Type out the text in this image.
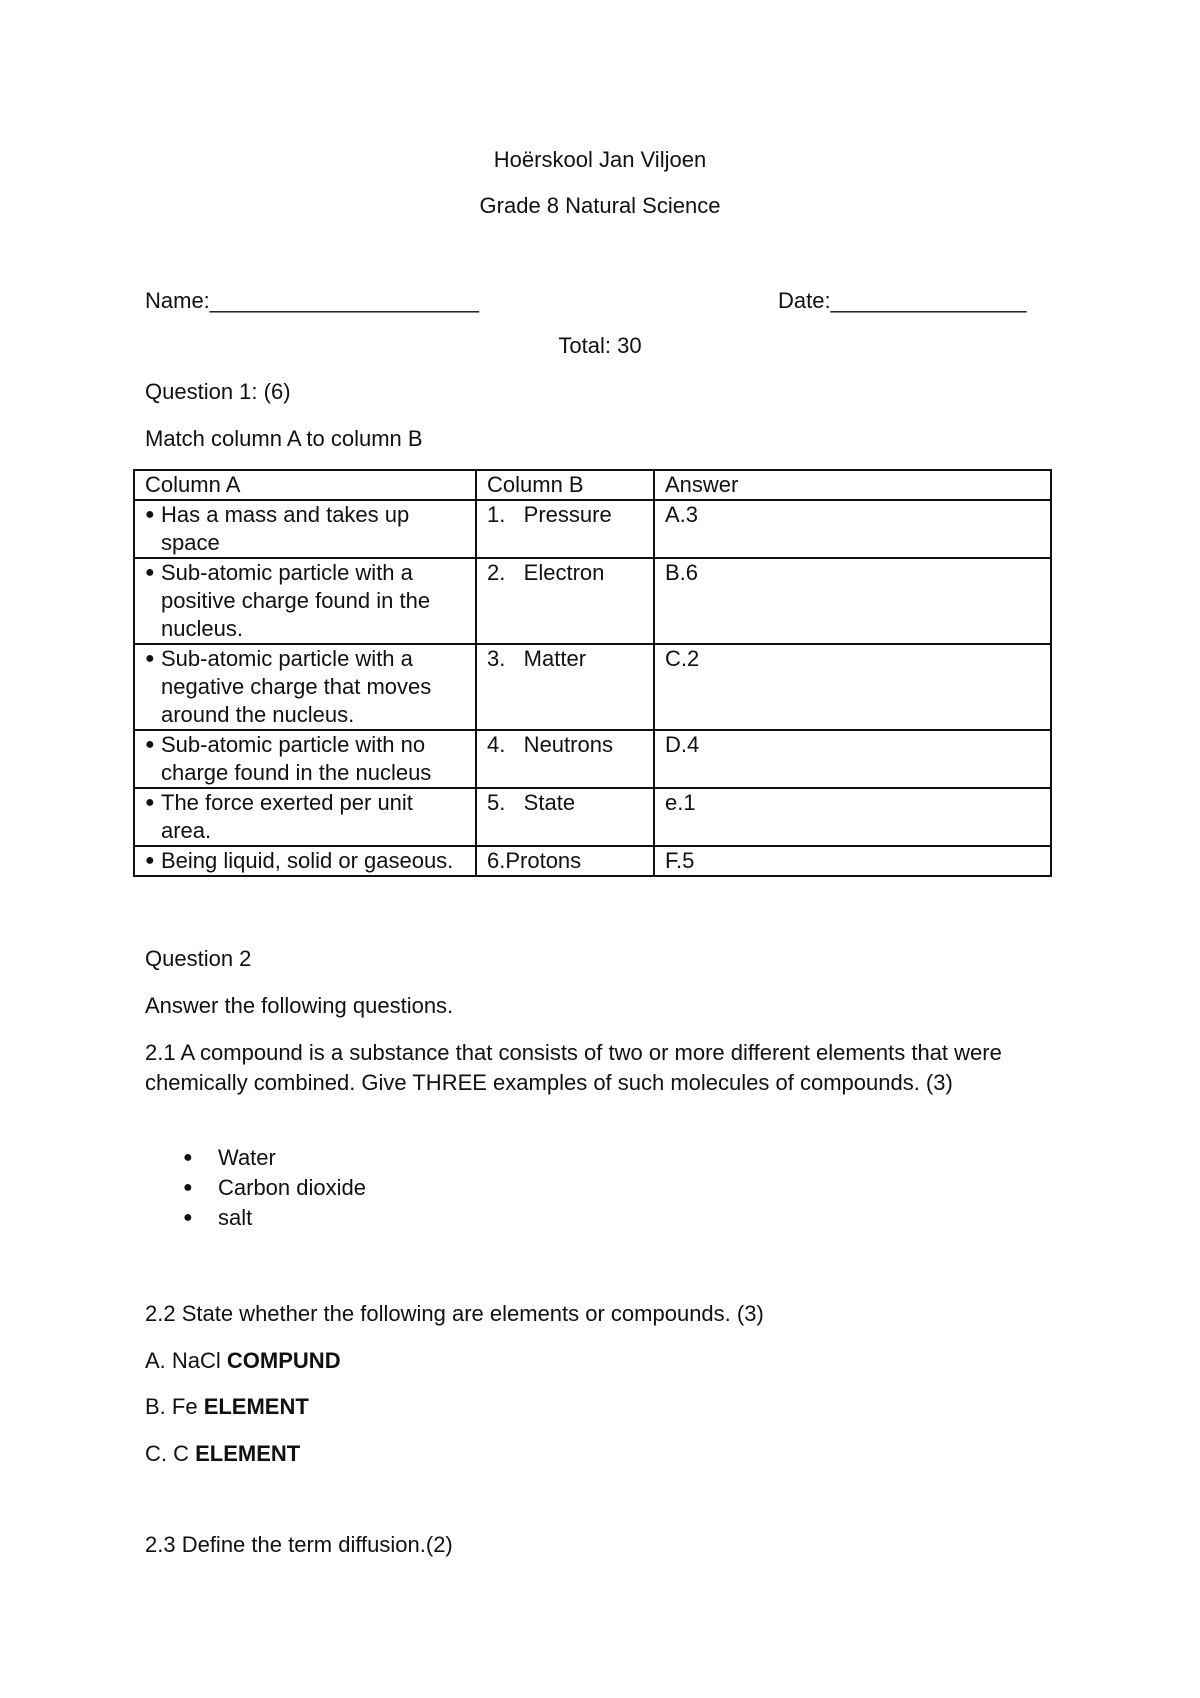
Hoërskool Jan Viljoen
Grade 8 Natural Science
Name:______________________	Date:________________
Total: 30
Question 1: (6)
Match column A to column B
Column A	Column B	Answer

● Has a mass and takes up space	1.   Pressure	A.3

● Sub-atomic particle with a positive charge found in the nucleus.	2.   Electron	B.6

● Sub-atomic particle with a negative charge that moves around the nucleus.	3.   Matter	C.2

● Sub-atomic particle with no charge found in the nucleus	4.   Neutrons	D.4

● The force exerted per unit area.	5.   State	e.1

● Being liquid, solid or gaseous.	6.Protons	F.5
Question 2
Answer the following questions.
2.1 A compound is a substance that consists of two or more different elements that were chemically combined. Give THREE examples of such molecules of compounds. (3)
● Water
● Carbon dioxide
● salt
2.2 State whether the following are elements or compounds. (3)
A. NaCl COMPUND
B. Fe ELEMENT
C. C ELEMENT
2.3 Define the term diffusion.(2)
